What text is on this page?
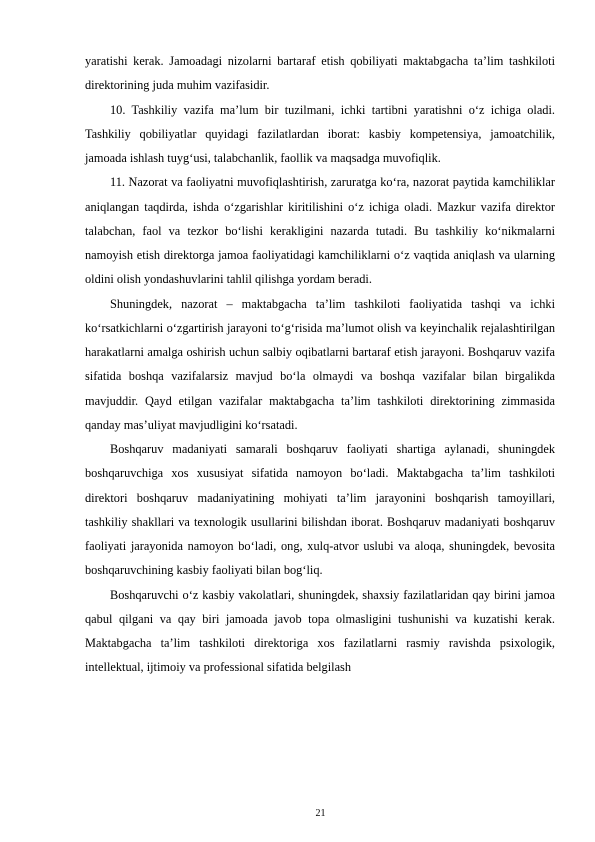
yaratishi kerak. Jamoadagi nizolarni bartaraf etish qobiliyati maktabgacha taʼlim tashkiloti direktorining juda muhim vazifasidir.

10. Tashkiliy vazifa maʼlum bir tuzilmani, ichki tartibni yaratishni oʻz ichiga oladi. Tashkiliy qobiliyatlar quyidagi fazilatlardan iborat: kasbiy kompetensiya, jamoatchilik, jamoada ishlash tuygʻusi, talabchanlik, faollik va maqsadga muvofiqlik.

11. Nazorat va faoliyatni muvofiqlashtirish, zaruratga koʻra, nazorat paytida kamchiliklar aniqlangan taqdirda, ishda oʻzgarishlar kiritilishini oʻz ichiga oladi. Mazkur vazifa direktor talabchan, faol va tezkor boʻlishi kerakligini nazarda tutadi. Bu tashkiliy koʻnikmalarni namoyish etish direktorga jamoa faoliyatidagi kamchiliklarni oʻz vaqtida aniqlash va ularning oldini olish yondashuvlarini tahlil qilishga yordam beradi.

Shuningdek, nazorat – maktabgacha taʼlim tashkiloti faoliyatida tashqi va ichki koʻrsatkichlarni oʻzgartirish jarayoni toʻgʻrisida maʼlumot olish va keyinchalik rejalashtirilgan harakatlarni amalga oshirish uchun salbiy oqibatlarni bartaraf etish jarayoni. Boshqaruv vazifa sifatida boshqa vazifalarsiz mavjud boʻla olmaydi va boshqa vazifalar bilan birgalikda mavjuddir. Qayd etilgan vazifalar maktabgacha taʼlim tashkiloti direktorining zimmasida qanday masʼuliyat mavjudligini koʻrsatadi.

Boshqaruv madaniyati samarali boshqaruv faoliyati shartiga aylanadi, shuningdek boshqaruvchiga xos xususiyat sifatida namoyon boʻladi. Maktabgacha taʼlim tashkiloti direktori boshqaruv madaniyatining mohiyati taʼlim jarayonini boshqarish tamoyillari, tashkiliy shakllari va texnologik usullarini bilishdan iborat. Boshqaruv madaniyati boshqaruv faoliyati jarayonida namoyon boʻladi, ong, xulq-atvor uslubi va aloqa, shuningdek, bevosita boshqaruvchining kasbiy faoliyati bilan bogʻliq.

Boshqaruvchi oʻz kasbiy vakolatlari, shuningdek, shaxsiy fazilatlaridan qay birini jamoa qabul qilgani va qay biri jamoada javob topa olmasligini tushunishi va kuzatishi kerak. Maktabgacha taʼlim tashkiloti direktoriga xos fazilatlarni rasmiy ravishda psixologik, intellektual, ijtimoiy va professional sifatida belgilash

21
